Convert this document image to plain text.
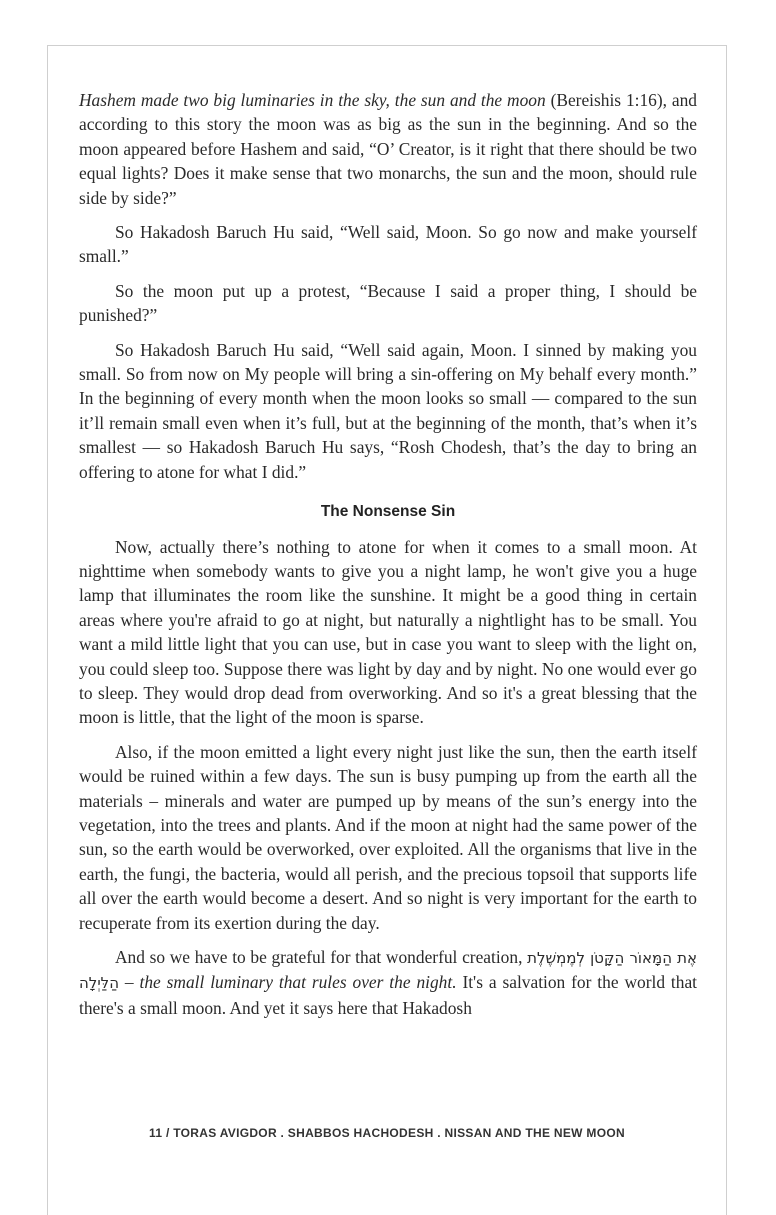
Hashem made two big luminaries in the sky, the sun and the moon (Bereishis 1:16), and according to this story the moon was as big as the sun in the beginning. And so the moon appeared before Hashem and said, “O’ Creator, is it right that there should be two equal lights? Does it make sense that two monarchs, the sun and the moon, should rule side by side?”

So Hakadosh Baruch Hu said, “Well said, Moon. So go now and make yourself small.”

So the moon put up a protest, “Because I said a proper thing, I should be punished?”

So Hakadosh Baruch Hu said, “Well said again, Moon. I sinned by making you small. So from now on My people will bring a sin-offering on My behalf every month.” In the beginning of every month when the moon looks so small — compared to the sun it’ll remain small even when it’s full, but at the beginning of the month, that’s when it’s smallest — so Hakadosh Baruch Hu says, “Rosh Chodesh, that’s the day to bring an offering to atone for what I did.”

The Nonsense Sin

Now, actually there’s nothing to atone for when it comes to a small moon. At nighttime when somebody wants to give you a night lamp, he won't give you a huge lamp that illuminates the room like the sunshine. It might be a good thing in certain areas where you're afraid to go at night, but naturally a nightlight has to be small. You want a mild little light that you can use, but in case you want to sleep with the light on, you could sleep too. Suppose there was light by day and by night. No one would ever go to sleep. They would drop dead from overworking. And so it's a great blessing that the moon is little, that the light of the moon is sparse.

Also, if the moon emitted a light every night just like the sun, then the earth itself would be ruined within a few days. The sun is busy pumping up from the earth all the materials – minerals and water are pumped up by means of the sun’s energy into the vegetation, into the trees and plants. And if the moon at night had the same power of the sun, so the earth would be overworked, over exploited. All the organisms that live in the earth, the fungi, the bacteria, would all perish, and the precious topsoil that supports life all over the earth would become a desert. And so night is very important for the earth to recuperate from its exertion during the day.

And so we have to be grateful for that wonderful creation, אֶת הַמָּאוֹר הַקָּטֹן לְמֶמְשֶׁלֶת הַלַּיְלָה – the small luminary that rules over the night. It's a salvation for the world that there's a small moon. And yet it says here that Hakadosh

11 / TORAS AVIGDOR . SHABBOS HACHODESH . NISSAN AND THE NEW MOON
